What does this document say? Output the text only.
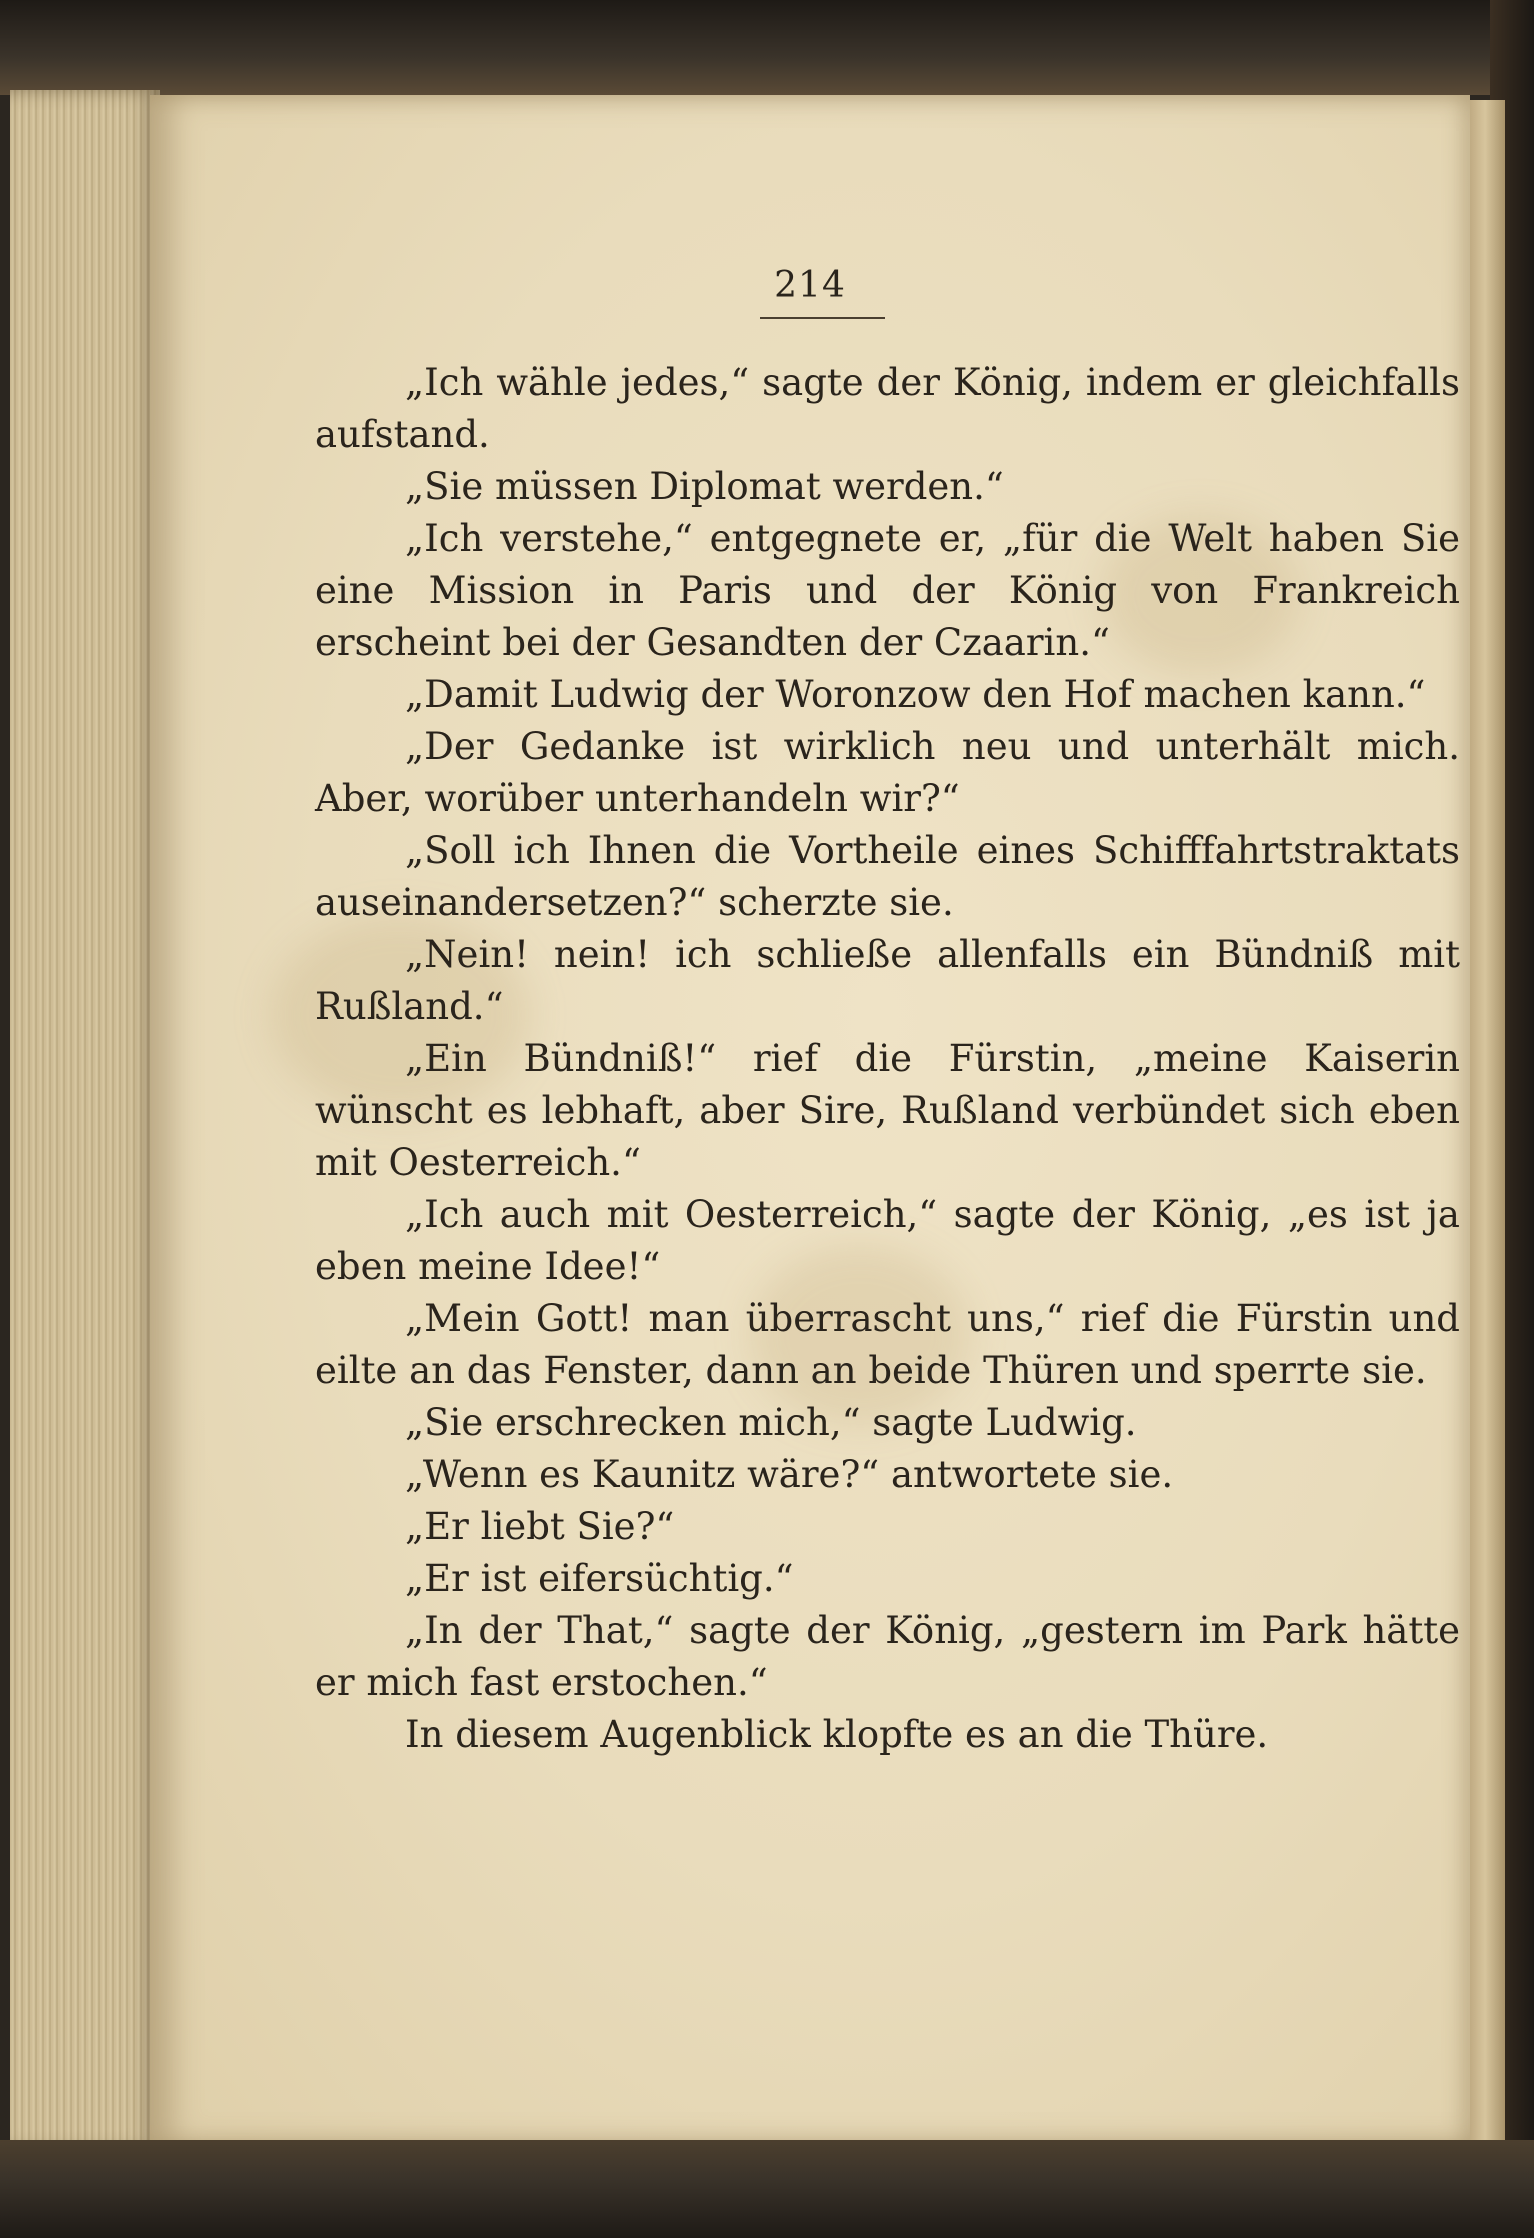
214

„Ich wähle jedes,“ sagte der König, indem er gleichfalls aufstand.

„Sie müssen Diplomat werden.“

„Ich verstehe,“ entgegnete er, „für die Welt haben Sie eine Mission in Paris und der König von Frankreich erscheint bei der Gesandten der Czaarin.“

„Damit Ludwig der Woronzow den Hof machen kann.“

„Der Gedanke ist wirklich neu und unterhält mich. Aber, worüber unterhandeln wir?“

„Soll ich Ihnen die Vortheile eines Schifffahrtstraktats auseinandersetzen?“ scherzte sie.

„Nein! nein! ich schließe allenfalls ein Bündniß mit Rußland.“

„Ein Bündniß!“ rief die Fürstin, „meine Kaiserin wünscht es lebhaft, aber Sire, Rußland verbündet sich eben mit Oesterreich.“

„Ich auch mit Oesterreich,“ sagte der König, „es ist ja eben meine Idee!“

„Mein Gott! man überrascht uns,“ rief die Fürstin und eilte an das Fenster, dann an beide Thüren und sperrte sie.

„Sie erschrecken mich,“ sagte Ludwig.

„Wenn es Kaunitz wäre?“ antwortete sie.

„Er liebt Sie?“

„Er ist eifersüchtig.“

„In der That,“ sagte der König, „gestern im Park hätte er mich fast erstochen.“

In diesem Augenblick klopfte es an die Thüre.
